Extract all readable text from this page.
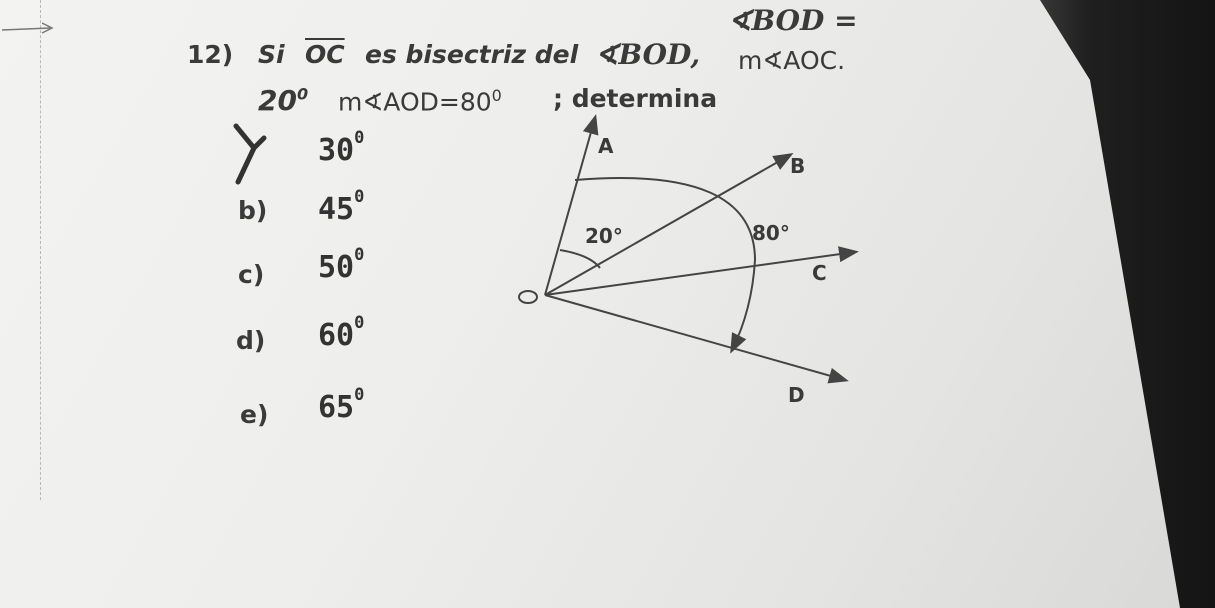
12) Si $\overline{OC}$ es bisectriz del ∢BOD,
∢BOD =
m∢AOC.
$20^0$ $m∢AOD=80^0$ ; determina
$30^0$
b) $45^0$
c) $50^0$
d) $60^0$
e) $65^0$
A
B
C
D
20°	80°
